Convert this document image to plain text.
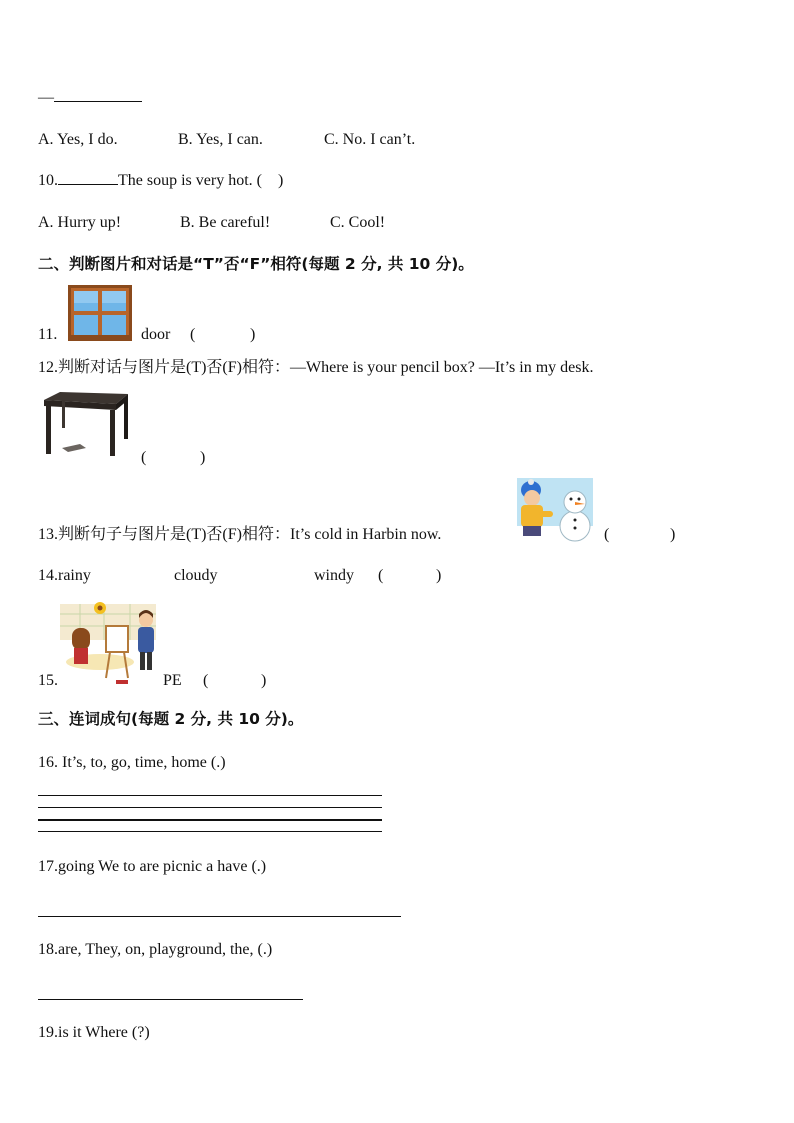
—
A. Yes, I do.	B. Yes, I can.	C. No. I can’t.
10.	The soup is very hot. ( )
A. Hurry up!	B. Be careful!	C. Cool!
二、判断图片和对话是“T”否“F”相符(每题 2 分, 共 10 分)。
11.	door (	)
12.判断对话与图片是(T)否(F)相符：—Where is your pencil box? —It’s in my desk.
(	)
13.判断句子与图片是(T)否(F)相符：It’s cold in Harbin now.	(	)
14.rainy	cloudy	windy (	)
15.	PE (	)
三、连词成句(每题 2 分, 共 10 分)。
16. It’s, to, go, time, home (.)
17.going We to are picnic a have (.)
18.are, They, on, playground, the, (.)
19.is it Where (?)
